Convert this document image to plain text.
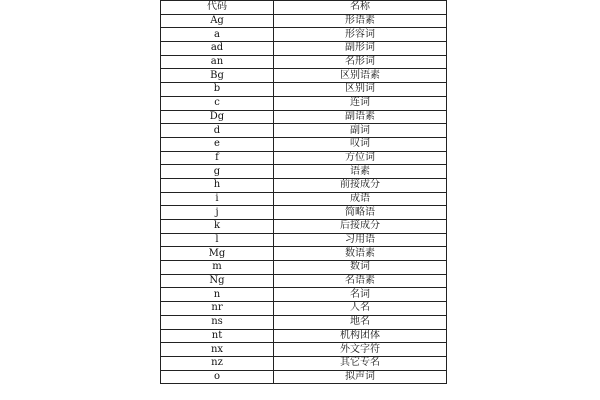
代码	名称
Ag	形语素
a	形容词
ad	副形词
an	名形词
Bg	区别语素
b	区别词
c	连词
Dg	副语素
d	副词
e	叹词
f	方位词
g	语素
h	前接成分
i	成语
j	简略语
k	后接成分
l	习用语
Mg	数语素
m	数词
Ng	名语素
n	名词
nr	人名
ns	地名
nt	机构团体
nx	外文字符
nz	其它专名
o	拟声词
